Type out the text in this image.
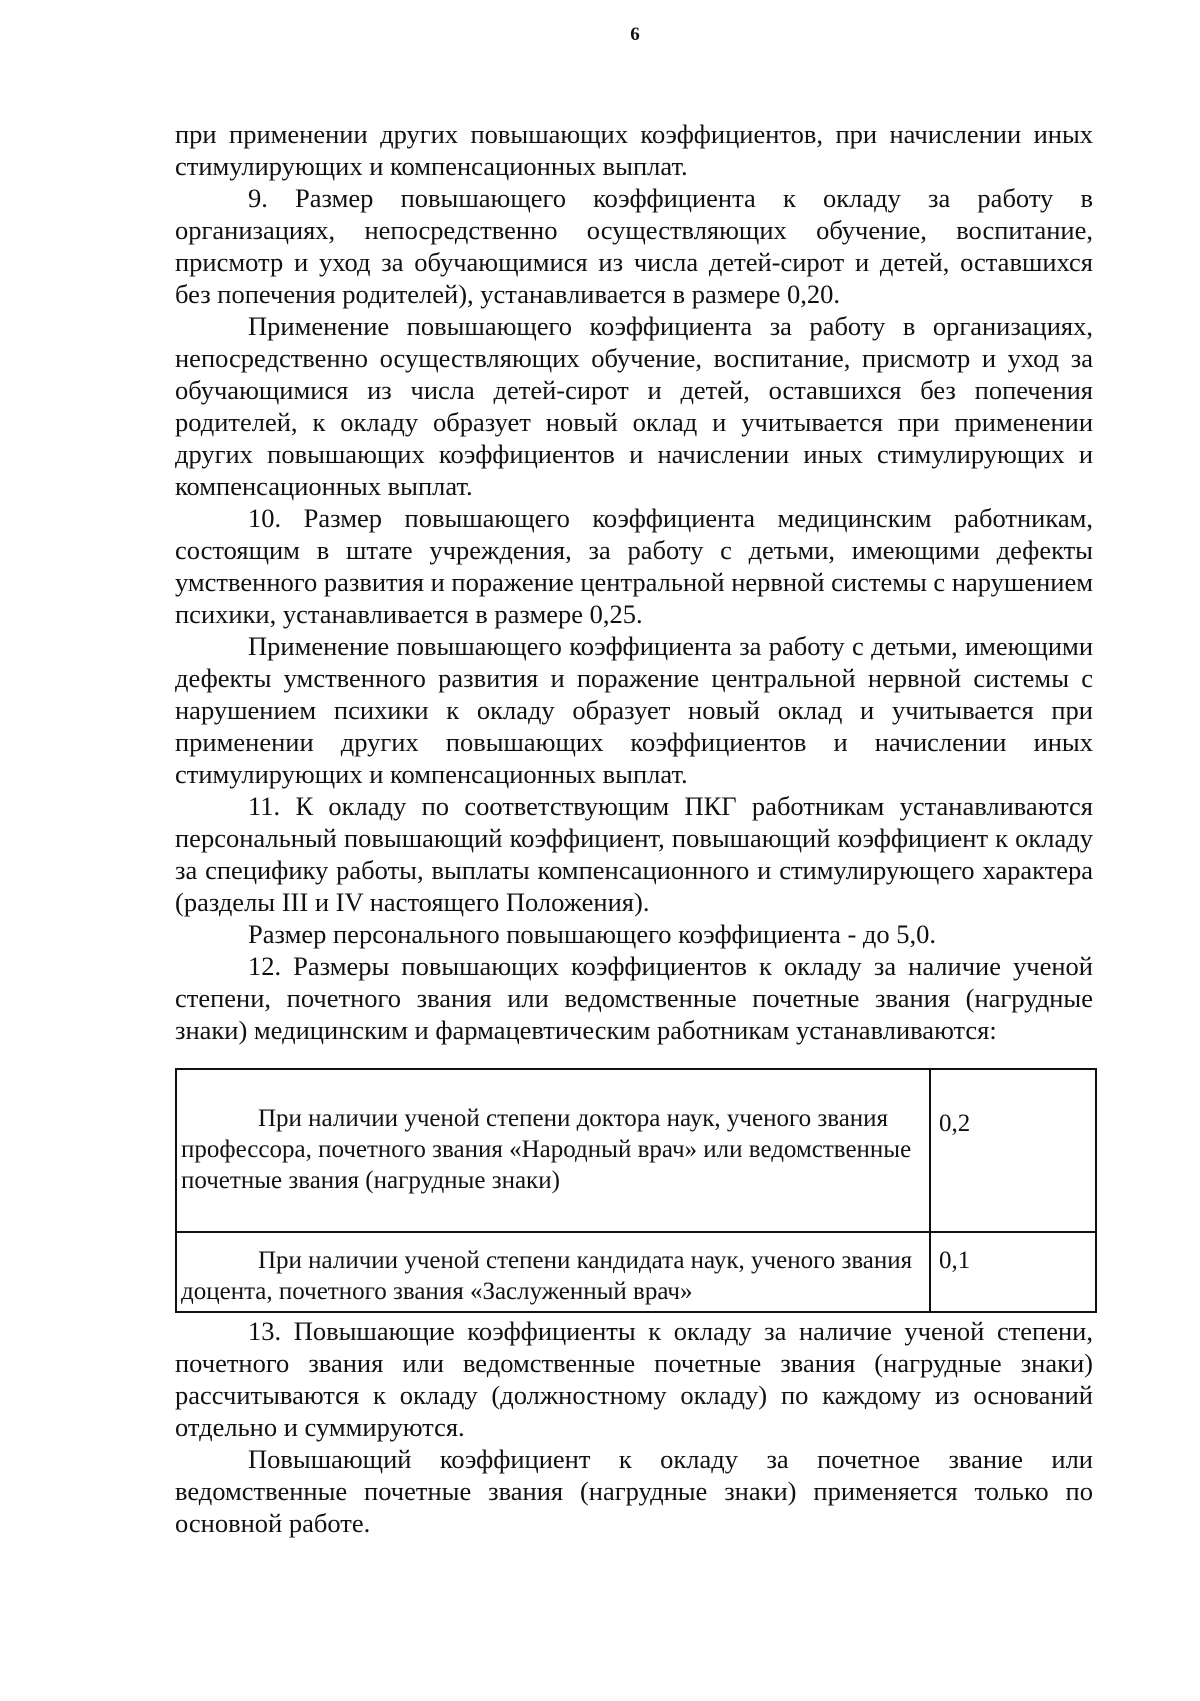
6

при применении других повышающих коэффициентов, при начислении иных стимулирующих и компенсационных выплат.

9. Размер повышающего коэффициента к окладу за работу в организациях, непосредственно осуществляющих обучение, воспитание, присмотр и уход за обучающимися из числа детей-сирот и детей, оставшихся без попечения родителей), устанавливается в размере 0,20.

Применение повышающего коэффициента за работу в организациях, непосредственно осуществляющих обучение, воспитание, присмотр и уход за обучающимися из числа детей-сирот и детей, оставшихся без попечения родителей, к окладу образует новый оклад и учитывается при применении других повышающих коэффициентов и начислении иных стимулирующих и компенсационных выплат.

10. Размер повышающего коэффициента медицинским работникам, состоящим в штате учреждения, за работу с детьми, имеющими дефекты умственного развития и поражение центральной нервной системы с нарушением психики, устанавливается в размере 0,25.

Применение повышающего коэффициента за работу с детьми, имеющими дефекты умственного развития и поражение центральной нервной системы с нарушением психики к окладу образует новый оклад и учитывается при применении других повышающих коэффициентов и начислении иных стимулирующих и компенсационных выплат.

11. К окладу по соответствующим ПКГ работникам устанавливаются персональный повышающий коэффициент, повышающий коэффициент к окладу за специфику работы, выплаты компенсационного и стимулирующего характера (разделы III и IV настоящего Положения).

Размер персонального повышающего коэффициента - до 5,0.

12. Размеры повышающих коэффициентов к окладу за наличие ученой степени, почетного звания или ведомственные почетные звания (нагрудные знаки) медицинским и фармацевтическим работникам устанавливаются:

При наличии ученой степени доктора наук, ученого звания профессора, почетного звания «Народный врач» или ведомственные почетные звания (нагрудные знаки)	0,2

При наличии ученой степени кандидата наук, ученого звания доцента, почетного звания «Заслуженный врач»	0,1

13. Повышающие коэффициенты к окладу за наличие ученой степени, почетного звания или ведомственные почетные звания (нагрудные знаки) рассчитываются к окладу (должностному окладу) по каждому из оснований отдельно и суммируются.

Повышающий коэффициент к окладу за почетное звание или ведомственные почетные звания (нагрудные знаки) применяется только по основной работе.
